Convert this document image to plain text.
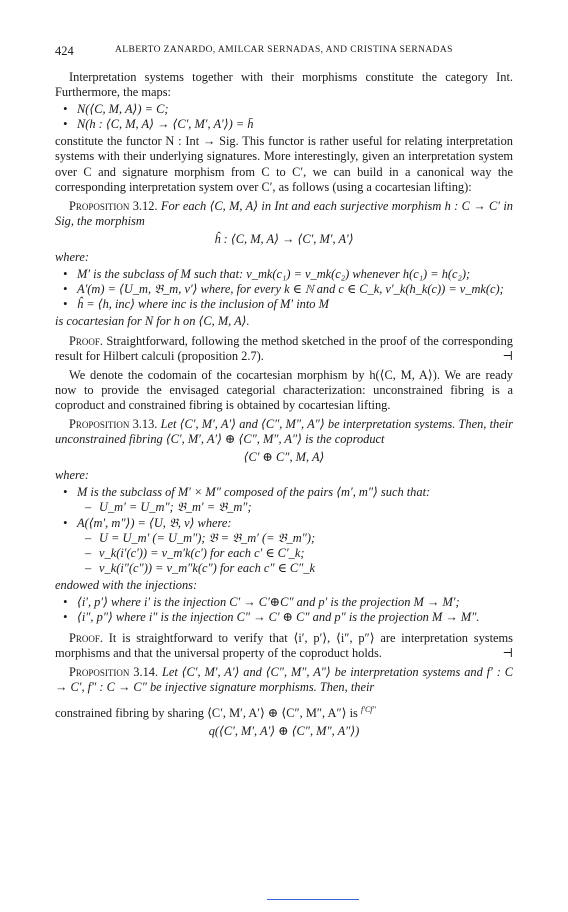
424	ALBERTO ZANARDO, AMILCAR SERNADAS, AND CRISTINA SERNADAS

Interpretation systems together with their morphisms constitute the category Int. Furthermore, the maps:

• N(⟨C, M, A⟩) = C;
• N(h : ⟨C, M, A⟩ → ⟨C′, M′, A′⟩) = h̄

constitute the functor N : Int → Sig. This functor is rather useful for relating interpretation systems with their underlying signatures. More interestingly, given an interpretation system over C and signature morphism from C to C′, we can build in a canonical way the corresponding interpretation system over C′, as follows (using a cocartesian lifting):

Proposition 3.12. For each ⟨C, M, A⟩ in Int and each surjective morphism h : C → C′ in Sig, the morphism

ĥ : ⟨C, M, A⟩ → ⟨C′, M′, A′⟩

where:

• M′ is the subclass of M such that: v_mk(c₁) = v_mk(c₂) whenever h(c₁) = h(c₂);
• A′(m) = ⟨U_m, 𝔅_m, v′⟩ where, for every k ∈ ℕ and c ∈ C_k, v′_k(h_k(c)) = v_mk(c);
• ĥ = ⟨h, inc⟩ where inc is the inclusion of M′ into M

is cocartesian for N for h on ⟨C, M, A⟩.

Proof. Straightforward, following the method sketched in the proof of the corresponding result for Hilbert calculi (proposition 2.7).	⊣

We denote the codomain of the cocartesian morphism by h(⟨C, M, A⟩). We are ready now to provide the envisaged categorial characterization: unconstrained fibring is a coproduct and constrained fibring is obtained by cocartesian lifting.

Proposition 3.13. Let ⟨C′, M′, A′⟩ and ⟨C″, M″, A″⟩ be interpretation systems. Then, their unconstrained fibring ⟨C′, M′, A′⟩ ⊕ ⟨C″, M″, A″⟩ is the coproduct

⟨C′ ⊕ C″, M, A⟩

where:

• M is the subclass of M′ × M″ composed of the pairs ⟨m′, m″⟩ such that:
– U_m′ = U_m″; 𝔅_m′ = 𝔅_m″;
• A(⟨m′, m″⟩) = ⟨U, 𝔅, v⟩ where:
– U = U_m′ (= U_m″); 𝔅 = 𝔅_m′ (= 𝔅_m″);
– v_k(i′(c′)) = v_m′k(c′) for each c′ ∈ C′_k;
– v_k(i″(c″)) = v_m″k(c″) for each c″ ∈ C″_k

endowed with the injections:

• ⟨i′, p′⟩ where i′ is the injection C′ → C′⊕C″ and p′ is the projection M → M′;
• ⟨i″, p″⟩ where i″ is the injection C″ → C′ ⊕ C″ and p″ is the projection M → M″.

Proof. It is straightforward to verify that ⟨i′, p′⟩, ⟨i″, p″⟩ are interpretation systems morphisms and that the universal property of the coproduct holds.	⊣

Proposition 3.14. Let ⟨C′, M′, A′⟩ and ⟨C″, M″, A″⟩ be interpretation systems and f′ : C → C′, f″ : C → C″ be injective signature morphisms. Then, their

constrained fibring by sharing ⟨C′, M′, A′⟩ ⊕ ⟨C″, M″, A″⟩ is $^{f'Cf''}$

q(⟨C′, M′, A′⟩ ⊕ ⟨C″, M″, A″⟩)
